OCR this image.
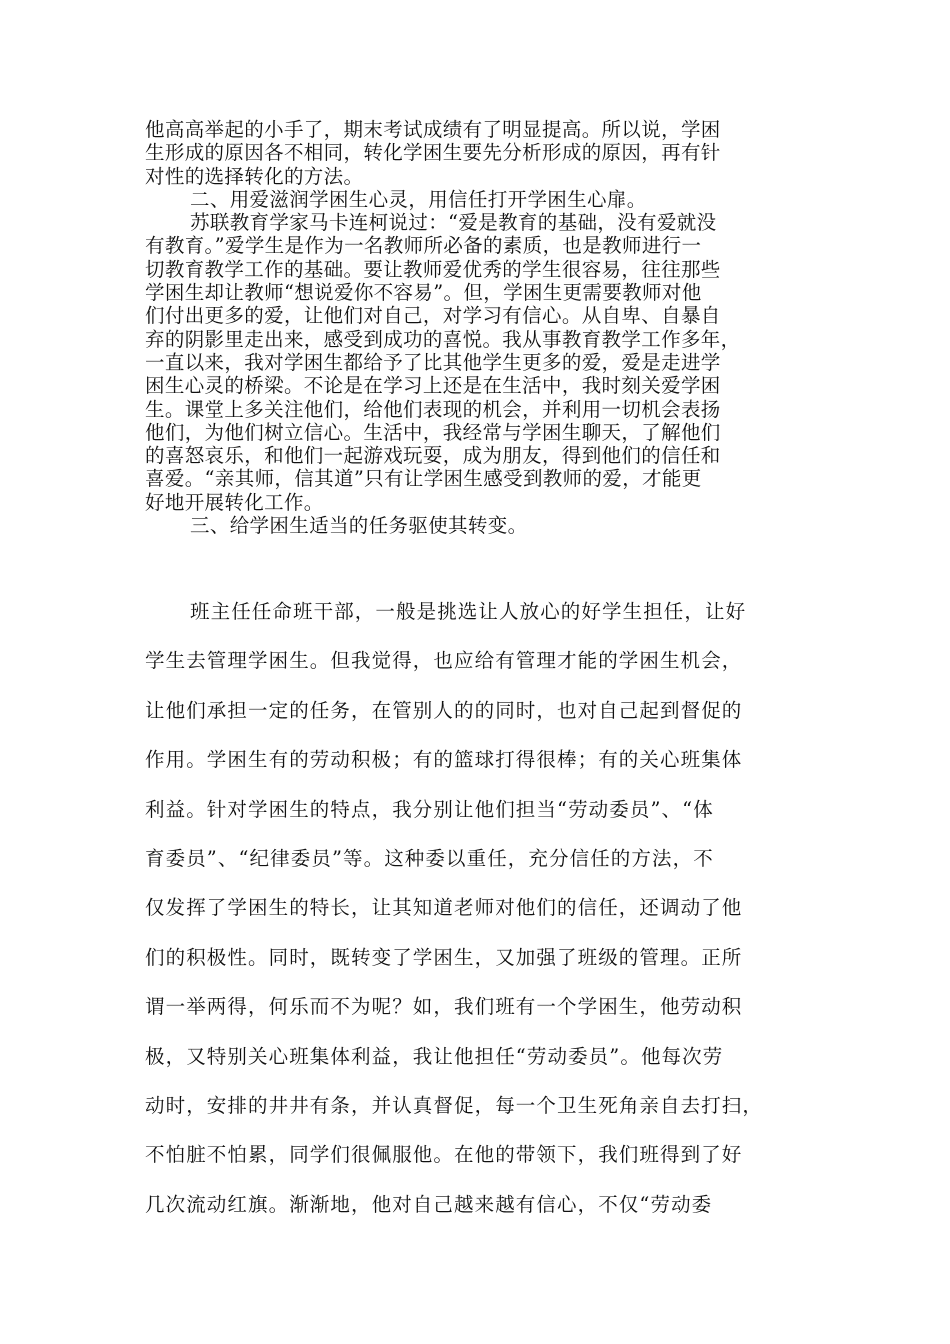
他高高举起的小手了，期末考试成绩有了明显提高。所以说，学困
生形成的原因各不相同，转化学困生要先分析形成的原因，再有针
对性的选择转化的方法。
二、用爱滋润学困生心灵，用信任打开学困生心扉。
苏联教育学家马卡连柯说过：“爱是教育的基础，没有爱就没
有教育。”爱学生是作为一名教师所必备的素质，也是教师进行一
切教育教学工作的基础。要让教师爱优秀的学生很容易，往往那些
学困生却让教师“想说爱你不容易”。但，学困生更需要教师对他
们付出更多的爱，让他们对自己，对学习有信心。从自卑、自暴自
弃的阴影里走出来，感受到成功的喜悦。我从事教育教学工作多年，
一直以来，我对学困生都给予了比其他学生更多的爱，爱是走进学
困生心灵的桥梁。不论是在学习上还是在生活中，我时刻关爱学困
生。课堂上多关注他们，给他们表现的机会，并利用一切机会表扬
他们，为他们树立信心。生活中，我经常与学困生聊天，了解他们
的喜怒哀乐，和他们一起游戏玩耍，成为朋友，得到他们的信任和
喜爱。“亲其师，信其道”只有让学困生感受到教师的爱，才能更
好地开展转化工作。
三、给学困生适当的任务驱使其转变。
班主任任命班干部，一般是挑选让人放心的好学生担任，让好
学生去管理学困生。但我觉得，也应给有管理才能的学困生机会，
让他们承担一定的任务，在管别人的的同时，也对自己起到督促的
作用。学困生有的劳动积极；有的篮球打得很棒；有的关心班集体
利益。针对学困生的特点，我分别让他们担当“劳动委员”、“体
育委员”、“纪律委员”等。这种委以重任，充分信任的方法，不
仅发挥了学困生的特长，让其知道老师对他们的信任，还调动了他
们的积极性。同时，既转变了学困生，又加强了班级的管理。正所
谓一举两得，何乐而不为呢？如，我们班有一个学困生，他劳动积
极，又特别关心班集体利益，我让他担任“劳动委员”。他每次劳
动时，安排的井井有条，并认真督促，每一个卫生死角亲自去打扫，
不怕脏不怕累，同学们很佩服他。在他的带领下，我们班得到了好
几次流动红旗。渐渐地，他对自己越来越有信心，不仅“劳动委
